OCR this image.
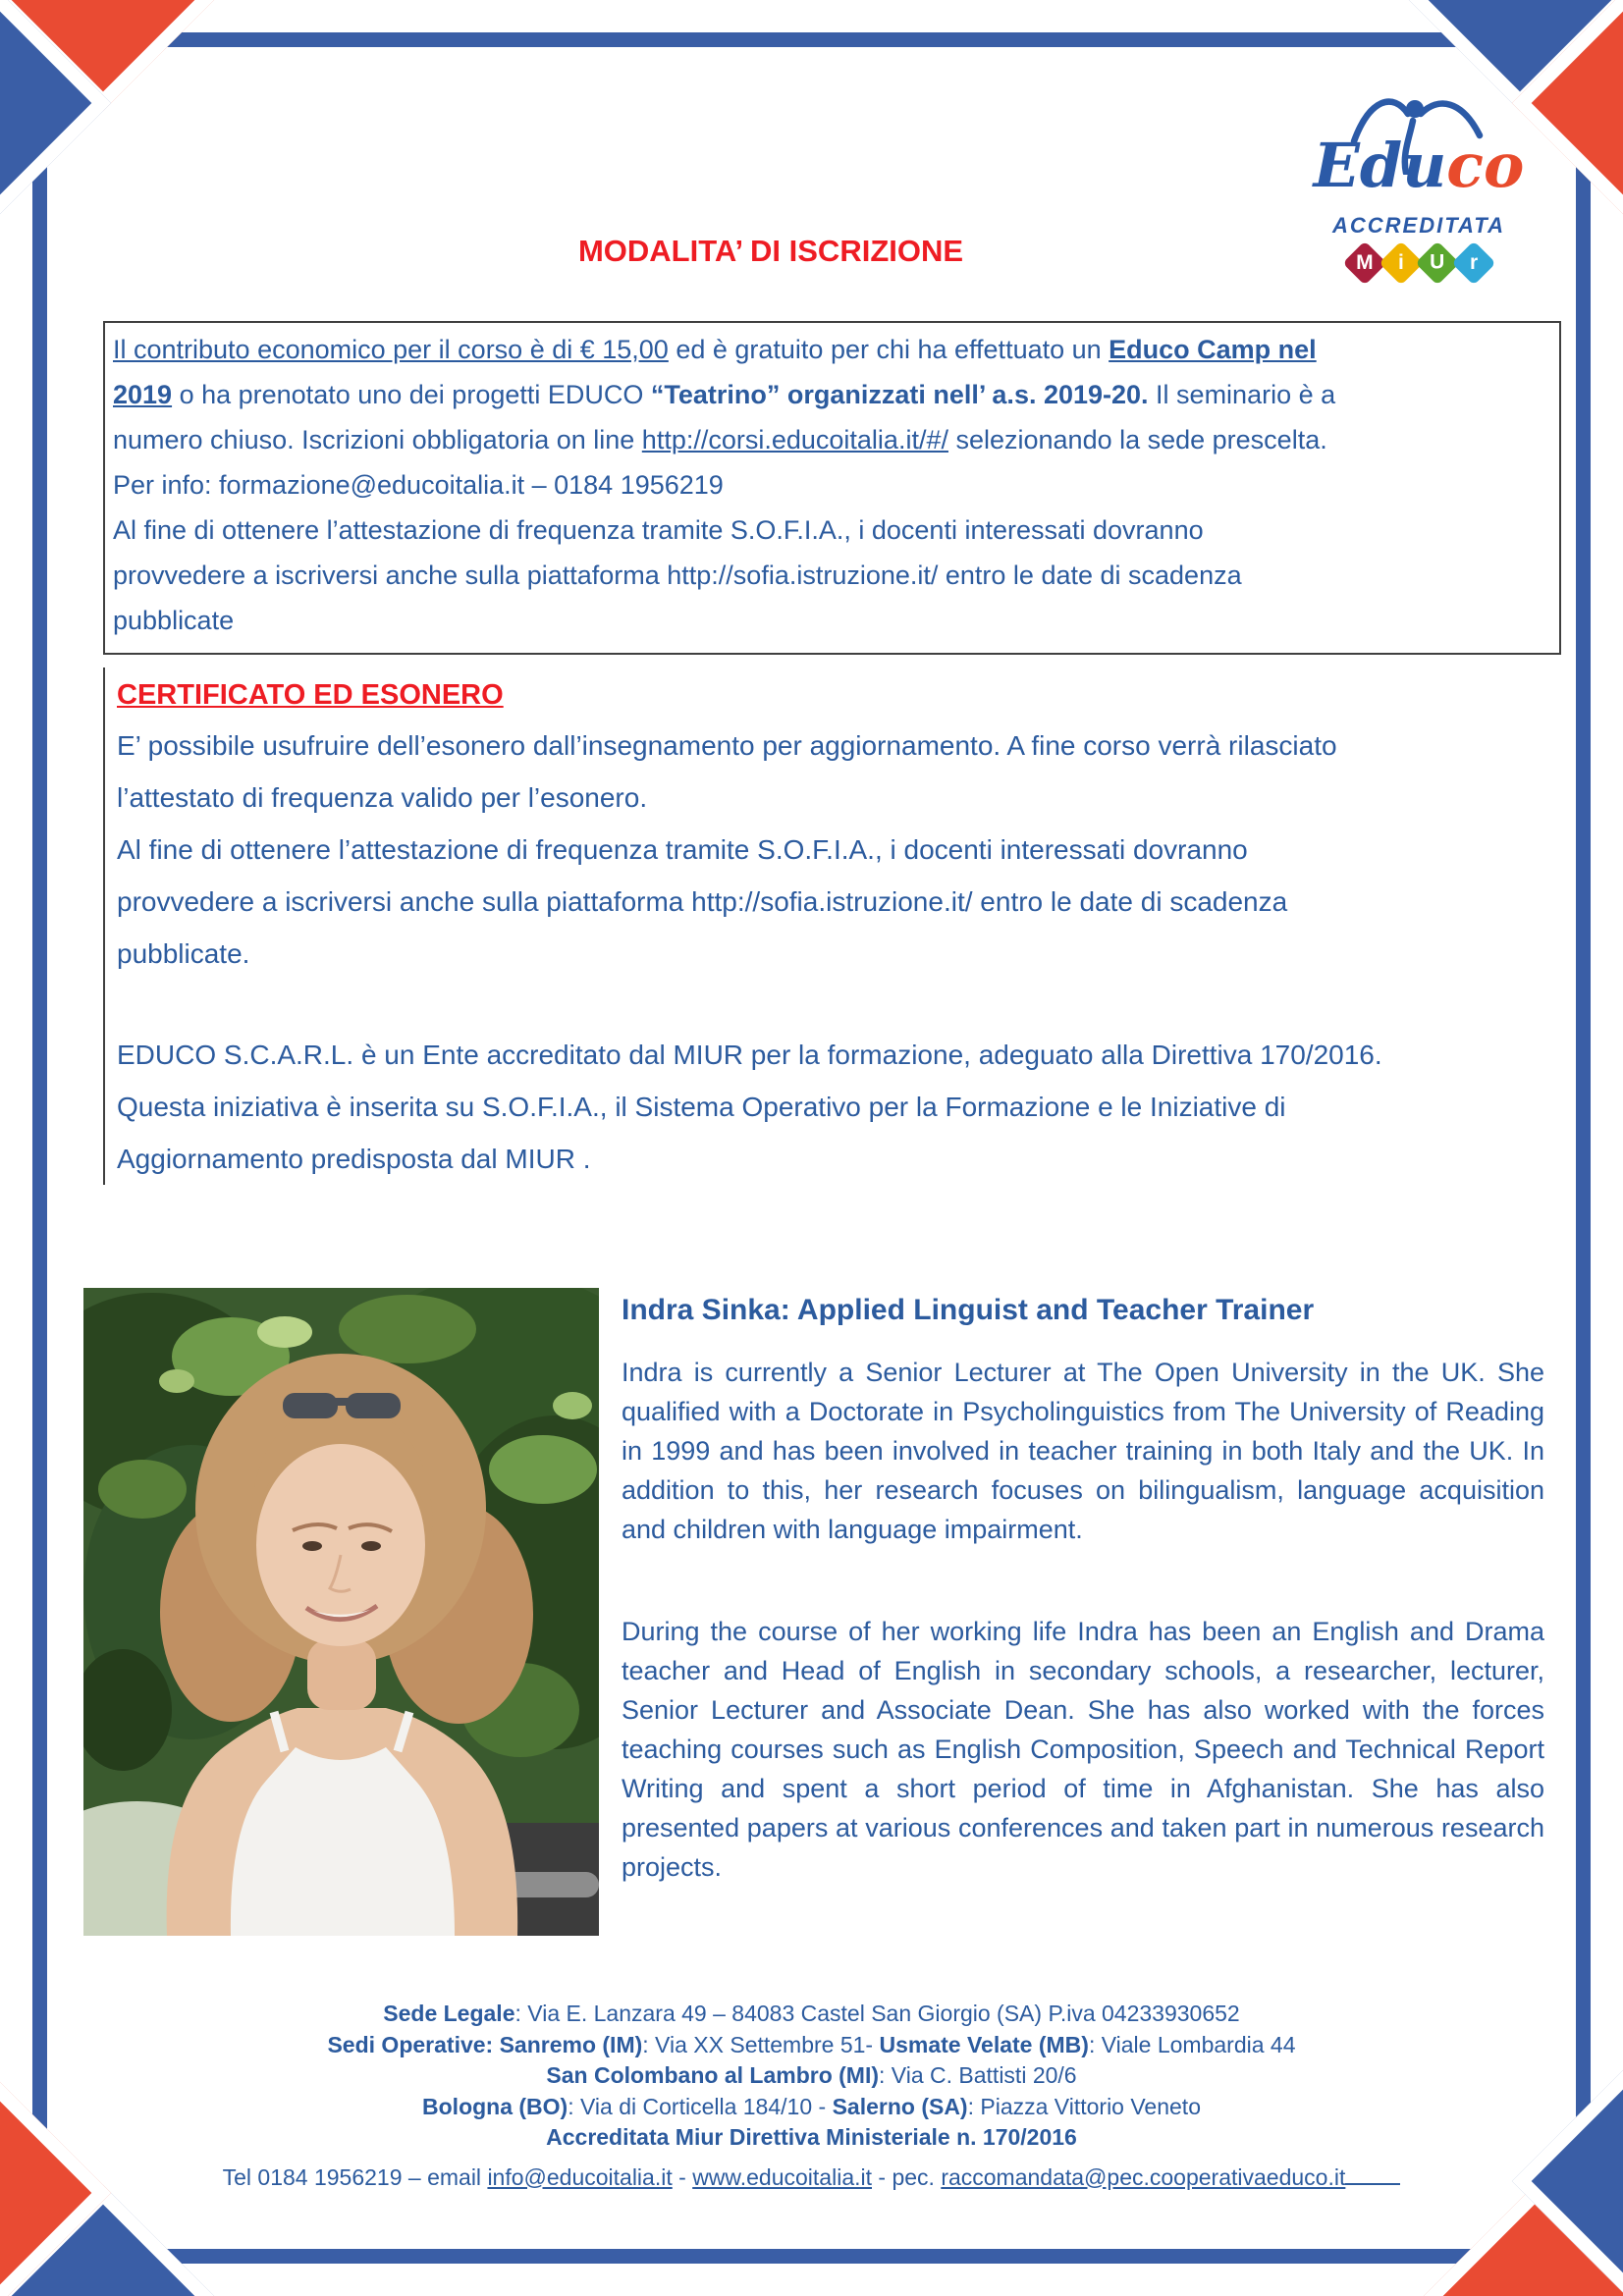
MODALITA’ DI ISCRIZIONE
Educo
ACCREDITATA
M i U r
Il contributo economico per il corso è di € 15,00 ed è gratuito per chi ha effettuato un Educo Camp nel
2019 o ha prenotato uno dei progetti EDUCO “Teatrino” organizzati nell’ a.s. 2019-20. Il seminario è a
numero chiuso. Iscrizioni obbligatoria on line http://corsi.educoitalia.it/#/ selezionando la sede prescelta.
Per info: formazione@educoitalia.it – 0184 1956219
Al fine di ottenere l’attestazione di frequenza tramite S.O.F.I.A., i docenti interessati dovranno
provvedere a iscriversi anche sulla piattaforma http://sofia.istruzione.it/ entro le date di scadenza
pubblicate
CERTIFICATO ED ESONERO

E’ possibile usufruire dell’esonero dall’insegnamento per aggiornamento. A fine corso verrà rilasciato
l’attestato di frequenza valido per l’esonero.

Al fine di ottenere l’attestazione di frequenza tramite S.O.F.I.A., i docenti interessati dovranno
provvedere a iscriversi anche sulla piattaforma http://sofia.istruzione.it/ entro le date di scadenza
pubblicate.

EDUCO S.C.A.R.L. è un Ente accreditato dal MIUR per la formazione, adeguato alla Direttiva 170/2016.
Questa iniziativa è inserita su S.O.F.I.A., il Sistema Operativo per la Formazione e le Iniziative di
Aggiornamento predisposta dal MIUR .

Indra Sinka: Applied Linguist and Teacher Trainer

Indra is currently a Senior Lecturer at The Open University in the UK. She qualified with a Doctorate in Psycholinguistics from The University of Reading in 1999 and has been involved in teacher training in both Italy and the UK. In addition to this, her research focuses on bilingualism, language acquisition and children with language impairment.

During the course of her working life Indra has been an English and Drama teacher and Head of English in secondary schools, a researcher, lecturer, Senior Lecturer and Associate Dean. She has also worked with the forces teaching courses such as English Composition, Speech and Technical Report Writing and spent a short period of time in Afghanistan. She has also presented papers at various conferences and taken part in numerous research projects.

Sede Legale: Via E. Lanzara 49 – 84083 Castel San Giorgio (SA) P.iva 04233930652
Sedi Operative: Sanremo (IM): Via XX Settembre 51- Usmate Velate (MB): Viale Lombardia 44
San Colombano al Lambro (MI): Via C. Battisti 20/6
Bologna (BO): Via di Corticella 184/10 - Salerno (SA): Piazza Vittorio Veneto
Accreditata Miur Direttiva Ministeriale n. 170/2016
Tel 0184 1956219 – email info@educoitalia.it - www.educoitalia.it - pec. raccomandata@pec.cooperativaeduco.it
